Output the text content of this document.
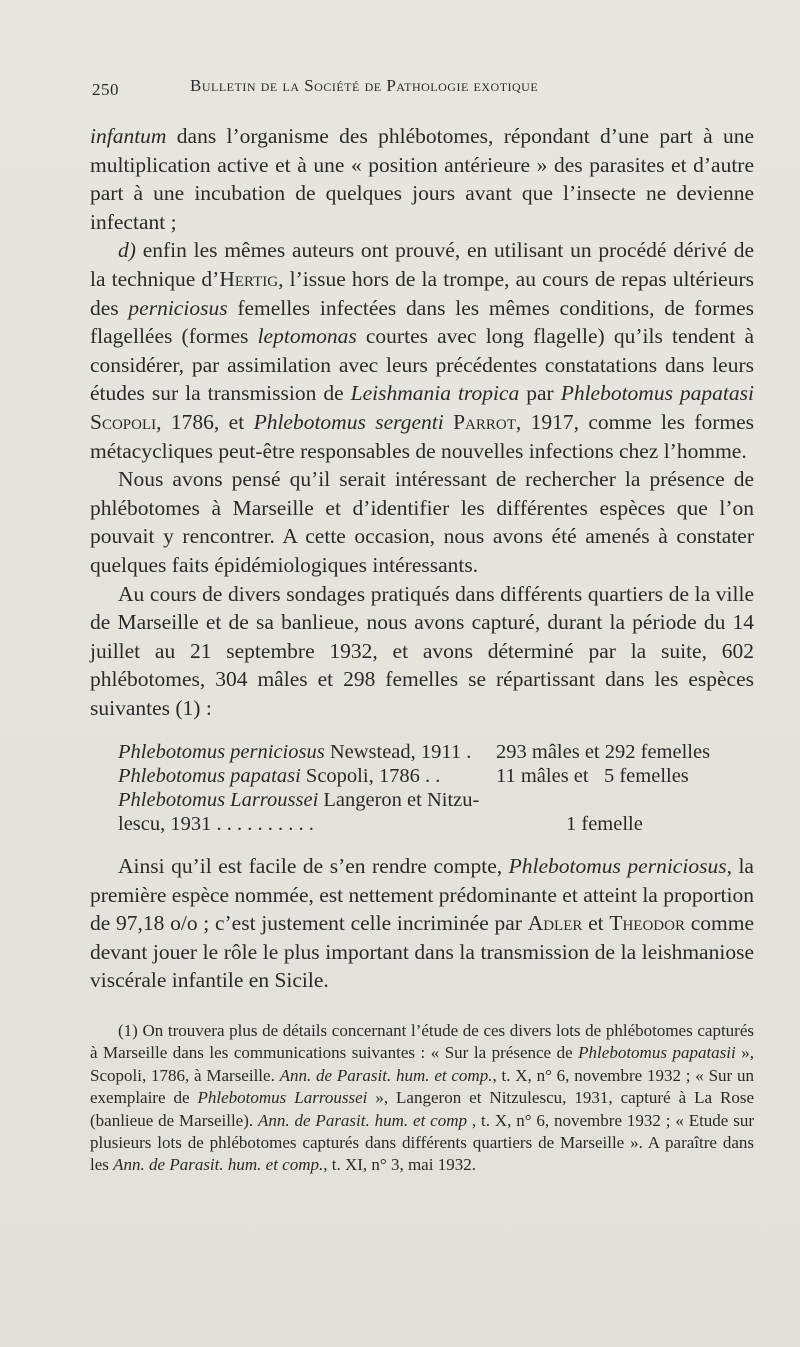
250	Bulletin de la Société de Pathologie exotique

infantum dans l’organisme des phlébotomes, répondant d’une part à une multiplication active et à une « position antérieure » des parasites et d’autre part à une incubation de quelques jours avant que l’insecte ne devienne infectant ;

d) enfin les mêmes auteurs ont prouvé, en utilisant un procédé dérivé de la technique d’Hertig, l’issue hors de la trompe, au cours de repas ultérieurs des perniciosus femelles infectées dans les mêmes conditions, de formes flagellées (formes leptomonas courtes avec long flagelle) qu’ils tendent à considérer, par assimilation avec leurs précédentes constatations dans leurs études sur la transmission de Leishmania tropica par Phlebotomus papatasi Scopoli, 1786, et Phlebotomus sergenti Parrot, 1917, comme les formes métacycliques peut-être responsables de nouvelles infections chez l’homme.

Nous avons pensé qu’il serait intéressant de rechercher la présence de phlébotomes à Marseille et d’identifier les différentes espèces que l’on pouvait y rencontrer. A cette occasion, nous avons été amenés à constater quelques faits épidémiologiques intéressants.

Au cours de divers sondages pratiqués dans différents quartiers de la ville de Marseille et de sa banlieue, nous avons capturé, durant la période du 14 juillet au 21 septembre 1932, et avons déterminé par la suite, 602 phlébotomes, 304 mâles et 298 femelles se répartissant dans les espèces suivantes (1) :

Phlebotomus perniciosus Newstead, 1911 . 293 mâles et 292 femelles
Phlebotomus papatasi Scopoli, 1786 . .	11 mâles et   5 femelles
Phlebotomus Larroussei Langeron et Nitzu-
lescu, 1931 . . . . . . . . . .	1 femelle

Ainsi qu’il est facile de s’en rendre compte, Phlebotomus perniciosus, la première espèce nommée, est nettement prédominante et atteint la proportion de 97,18 o/o ; c’est justement celle incriminée par Adler et Theodor comme devant jouer le rôle le plus important dans la transmission de la leishmaniose viscérale infantile en Sicile.

(1) On trouvera plus de détails concernant l’étude de ces divers lots de phlébotomes capturés à Marseille dans les communications suivantes : « Sur la présence de Phlebotomus papatasii », Scopoli, 1786, à Marseille. Ann. de Parasit. hum. et comp., t. X, n° 6, novembre 1932 ; « Sur un exemplaire de Phlebotomus Larroussei », Langeron et Nitzulescu, 1931, capturé à La Rose (banlieue de Marseille). Ann. de Parasit. hum. et comp , t. X, n° 6, novembre 1932 ; « Etude sur plusieurs lots de phlébotomes capturés dans différents quartiers de Marseille ». A paraître dans les Ann. de Parasit. hum. et comp., t. XI, n° 3, mai 1932.
